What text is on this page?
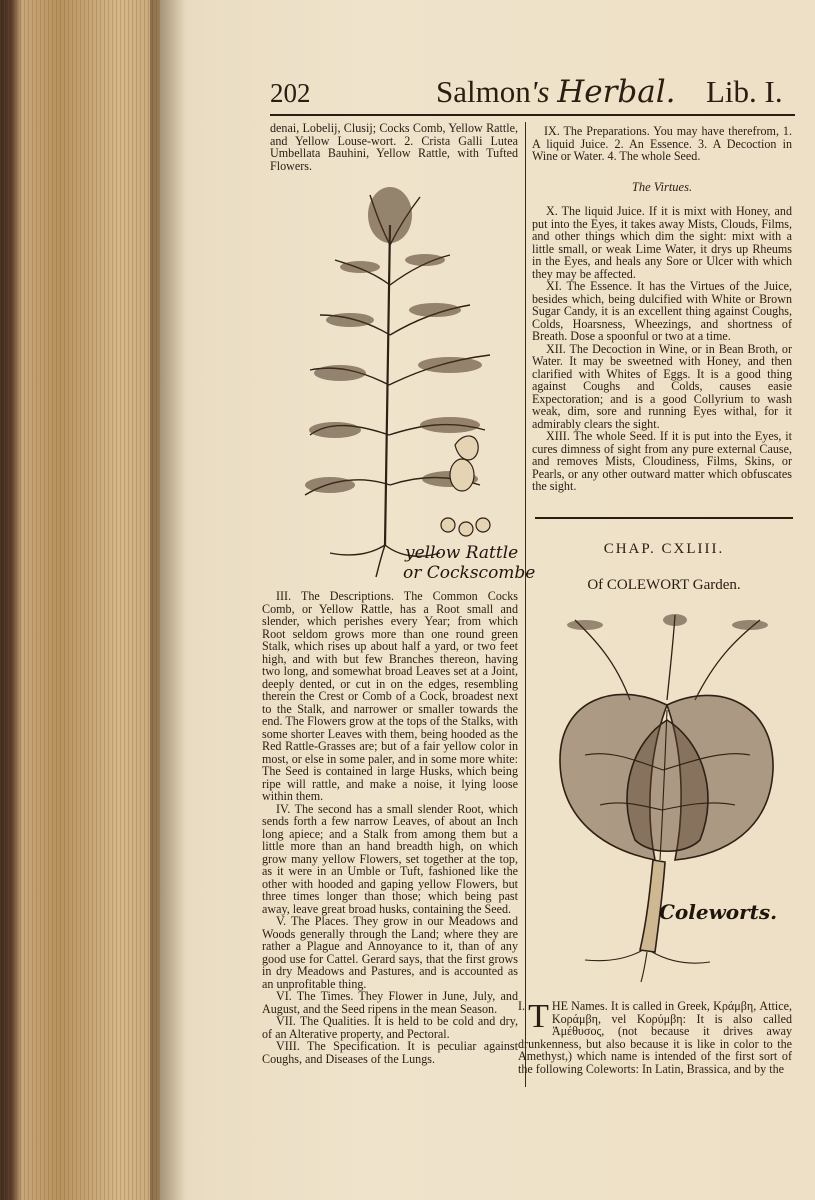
202	Salmon's Herbal. Lib. I.

denai, Lobelij, Clusij; Cocks Comb, Yellow Rattle, and Yellow Louse-wort. 2. Crista Galli Lutea Umbellata Bauhini, Yellow Rattle, with Tufted Flowers.

yellow Rattle
or Cockscombe

III. The Descriptions. The Common Cocks Comb, or Yellow Rattle, has a Root small and slender, which perishes every Year; from which Root seldom grows more than one round green Stalk, which rises up about half a yard, or two feet high, and with but few Branches thereon, having two long, and somewhat broad Leaves set at a Joint, deeply dented, or cut in on the edges, resembling therein the Crest or Comb of a Cock, broadest next to the Stalk, and narrower or smaller towards the end. The Flowers grow at the tops of the Stalks, with some shorter Leaves with them, being hooded as the Red Rattle-Grasses are; but of a fair yellow color in most, or else in some paler, and in some more white: The Seed is contained in large Husks, which being ripe will rattle, and make a noise, it lying loose within them.

IV. The second has a small slender Root, which sends forth a few narrow Leaves, of about an Inch long apiece; and a Stalk from among them but a little more than an hand breadth high, on which grow many yellow Flowers, set together at the top, as it were in an Umble or Tuft, fashioned like the other with hooded and gaping yellow Flowers, but three times longer than those; which being past away, leave great broad husks, containing the Seed.

V. The Places. They grow in our Meadows and Woods generally through the Land; where they are rather a Plague and Annoyance to it, than of any good use for Cattel. Gerard says, that the first grows in dry Meadows and Pastures, and is accounted as an unprofitable thing.

VI. The Times. They Flower in June, July, and August, and the Seed ripens in the mean Season.

VII. The Qualities. It is held to be cold and dry, of an Alterative property, and Pectoral.

VIII. The Specification. It is peculiar against Coughs, and Diseases of the Lungs.

IX. The Preparations. You may have therefrom, 1. A liquid Juice. 2. An Essence. 3. A Decoction in Wine or Water. 4. The whole Seed.

The Virtues.

X. The liquid Juice. If it is mixt with Honey, and put into the Eyes, it takes away Mists, Clouds, Films, and other things which dim the sight: mixt with a little small, or weak Lime Water, it drys up Rheums in the Eyes, and heals any Sore or Ulcer with which they may be affected.

XI. The Essence. It has the Virtues of the Juice, besides which, being dulcified with White or Brown Sugar Candy, it is an excellent thing against Coughs, Colds, Hoarsness, Wheezings, and shortness of Breath. Dose a spoonful or two at a time.

XII. The Decoction in Wine, or in Bean Broth, or Water. It may be sweetned with Honey, and then clarified with Whites of Eggs. It is a good thing against Coughs and Colds, causes easie Expectoration; and is a good Collyrium to wash weak, dim, sore and running Eyes withal, for it admirably clears the sight.

XIII. The whole Seed. If it is put into the Eyes, it cures dimness of sight from any pure external Cause, and removes Mists, Cloudiness, Films, Skins, or Pearls, or any other outward matter which obfuscates the sight.

CHAP. CXLIII.
Of COLEWORT Garden.
Coleworts.

I. T HE Names. It is called in Greek, Κράμβη, Attice, Κοράμβη, vel Κορύμβη: It is also called Ἀμέθυσος, (not because it drives away drunkenness, but also because it is like in color to the Amethyst,) which name is intended of the first sort of the following Coleworts: In Latin, Brassica, and by the
